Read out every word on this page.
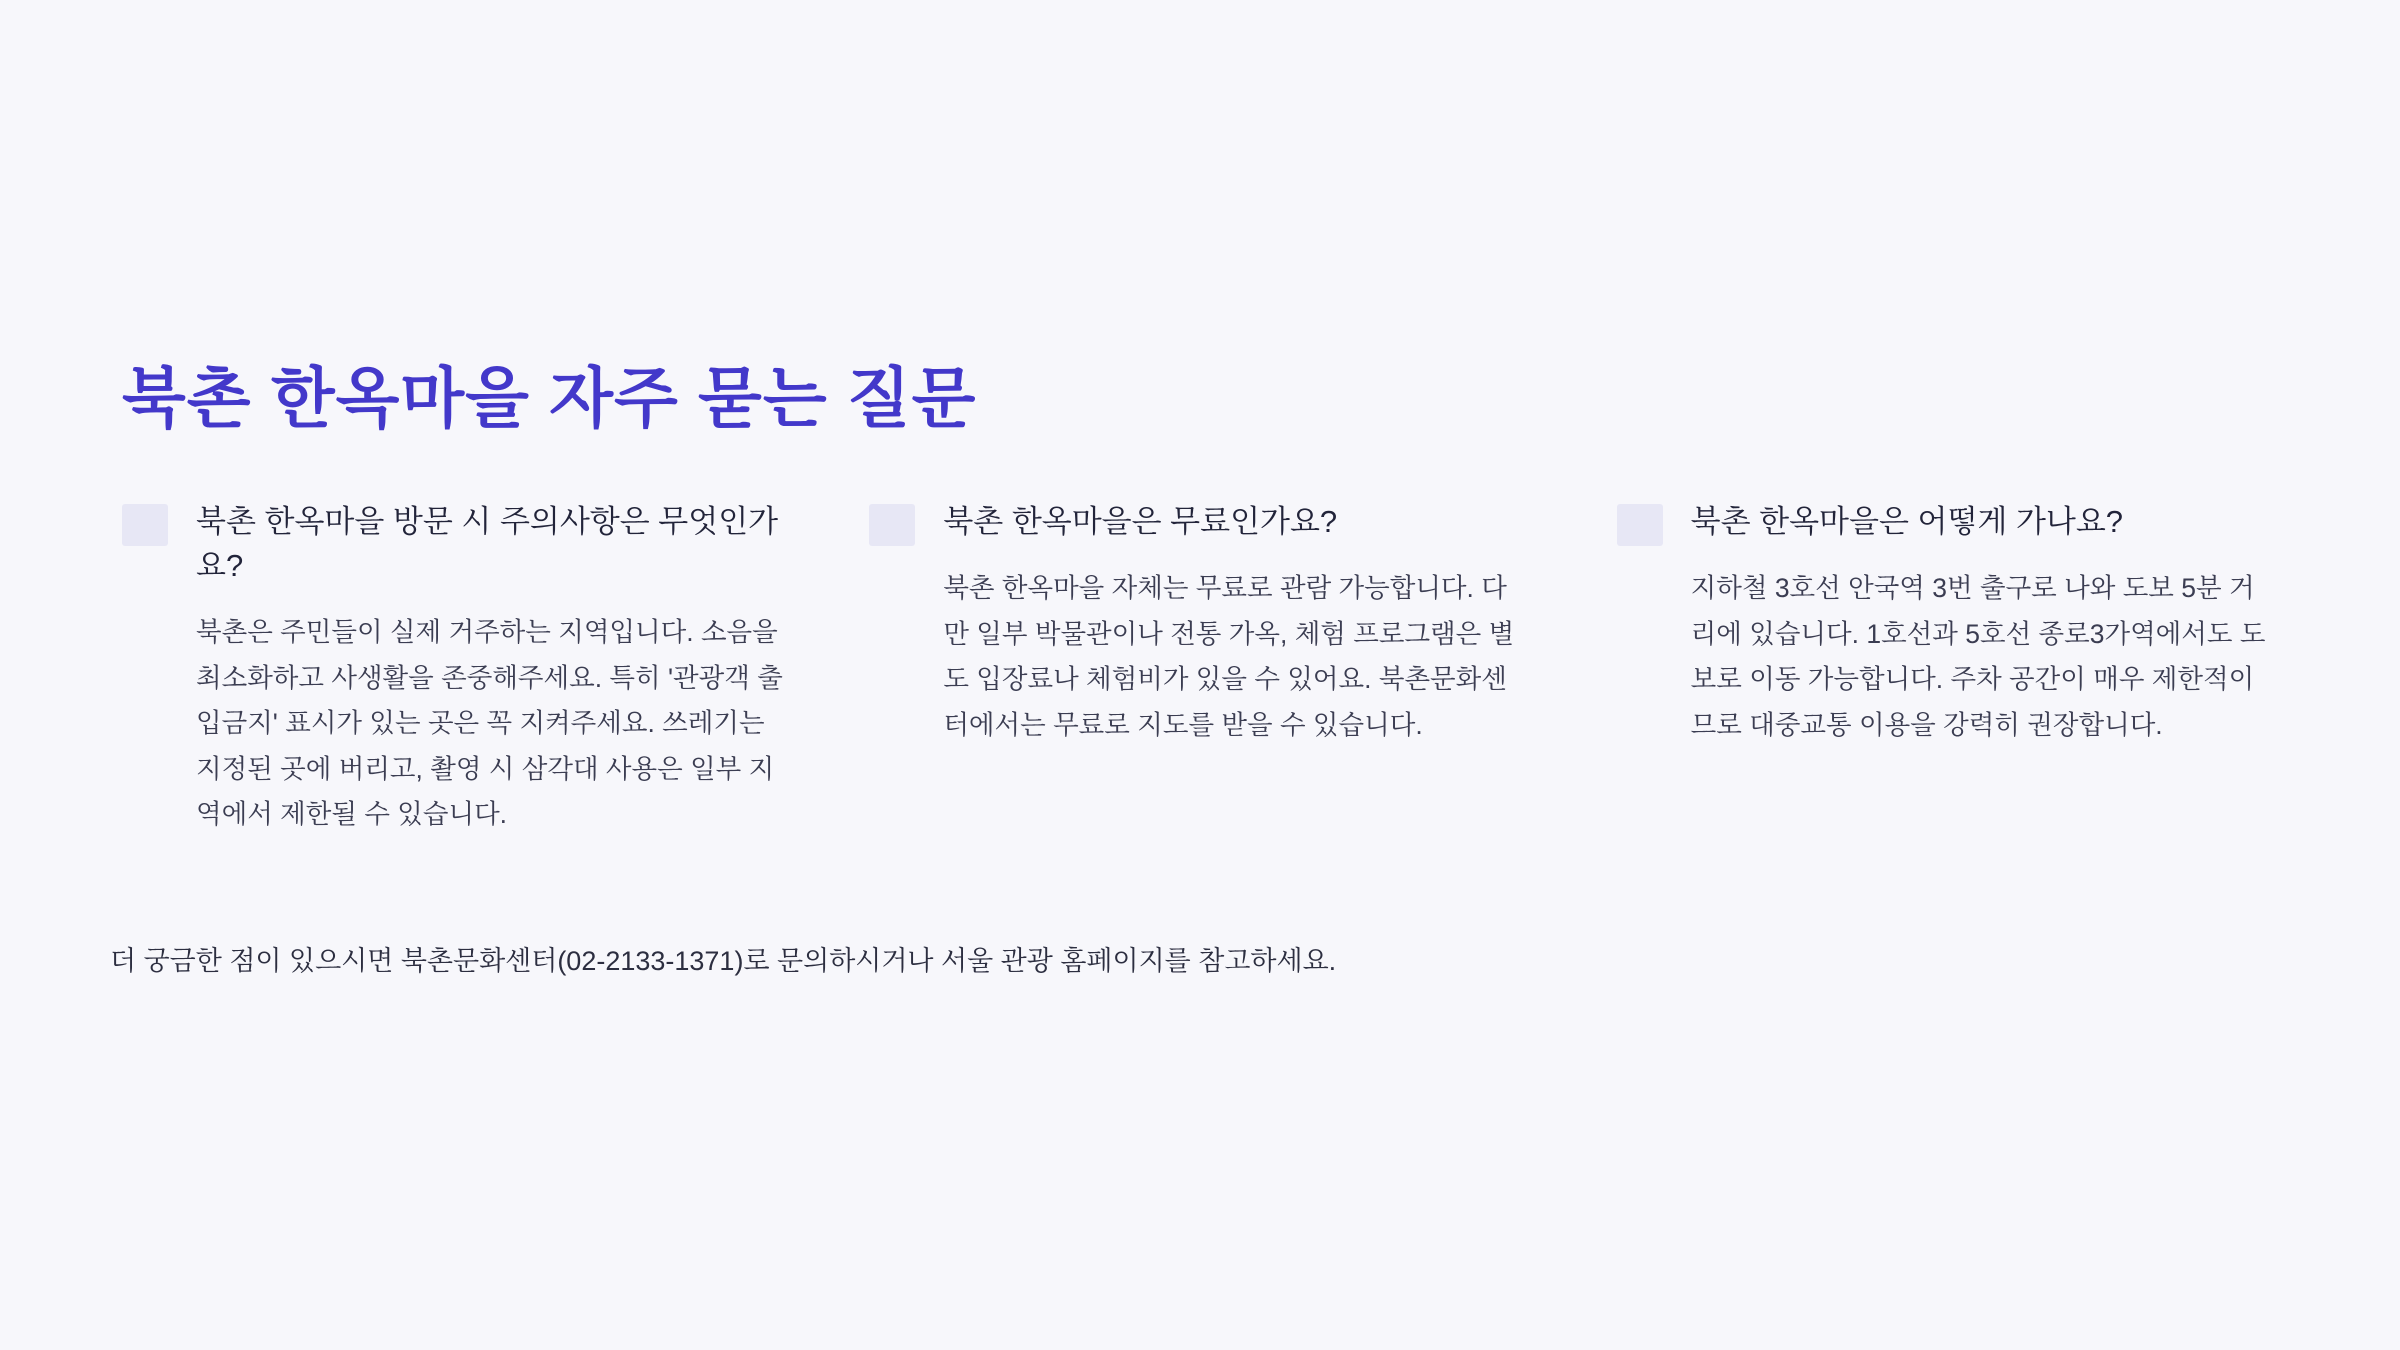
북촌 한옥마을 자주 묻는 질문

북촌 한옥마을 방문 시 주의사항은 무엇인가요?

북촌은 주민들이 실제 거주하는 지역입니다. 소음을 최소화하고 사생활을 존중해주세요. 특히 '관광객 출입금지' 표시가 있는 곳은 꼭 지켜주세요. 쓰레기는 지정된 곳에 버리고, 촬영 시 삼각대 사용은 일부 지역에서 제한될 수 있습니다.

북촌 한옥마을은 무료인가요?

북촌 한옥마을 자체는 무료로 관람 가능합니다. 다만 일부 박물관이나 전통 가옥, 체험 프로그램은 별도 입장료나 체험비가 있을 수 있어요. 북촌문화센터에서는 무료로 지도를 받을 수 있습니다.

북촌 한옥마을은 어떻게 가나요?

지하철 3호선 안국역 3번 출구로 나와 도보 5분 거리에 있습니다. 1호선과 5호선 종로3가역에서도 도보로 이동 가능합니다. 주차 공간이 매우 제한적이므로 대중교통 이용을 강력히 권장합니다.

더 궁금한 점이 있으시면 북촌문화센터(02-2133-1371)로 문의하시거나 서울 관광 홈페이지를 참고하세요.
